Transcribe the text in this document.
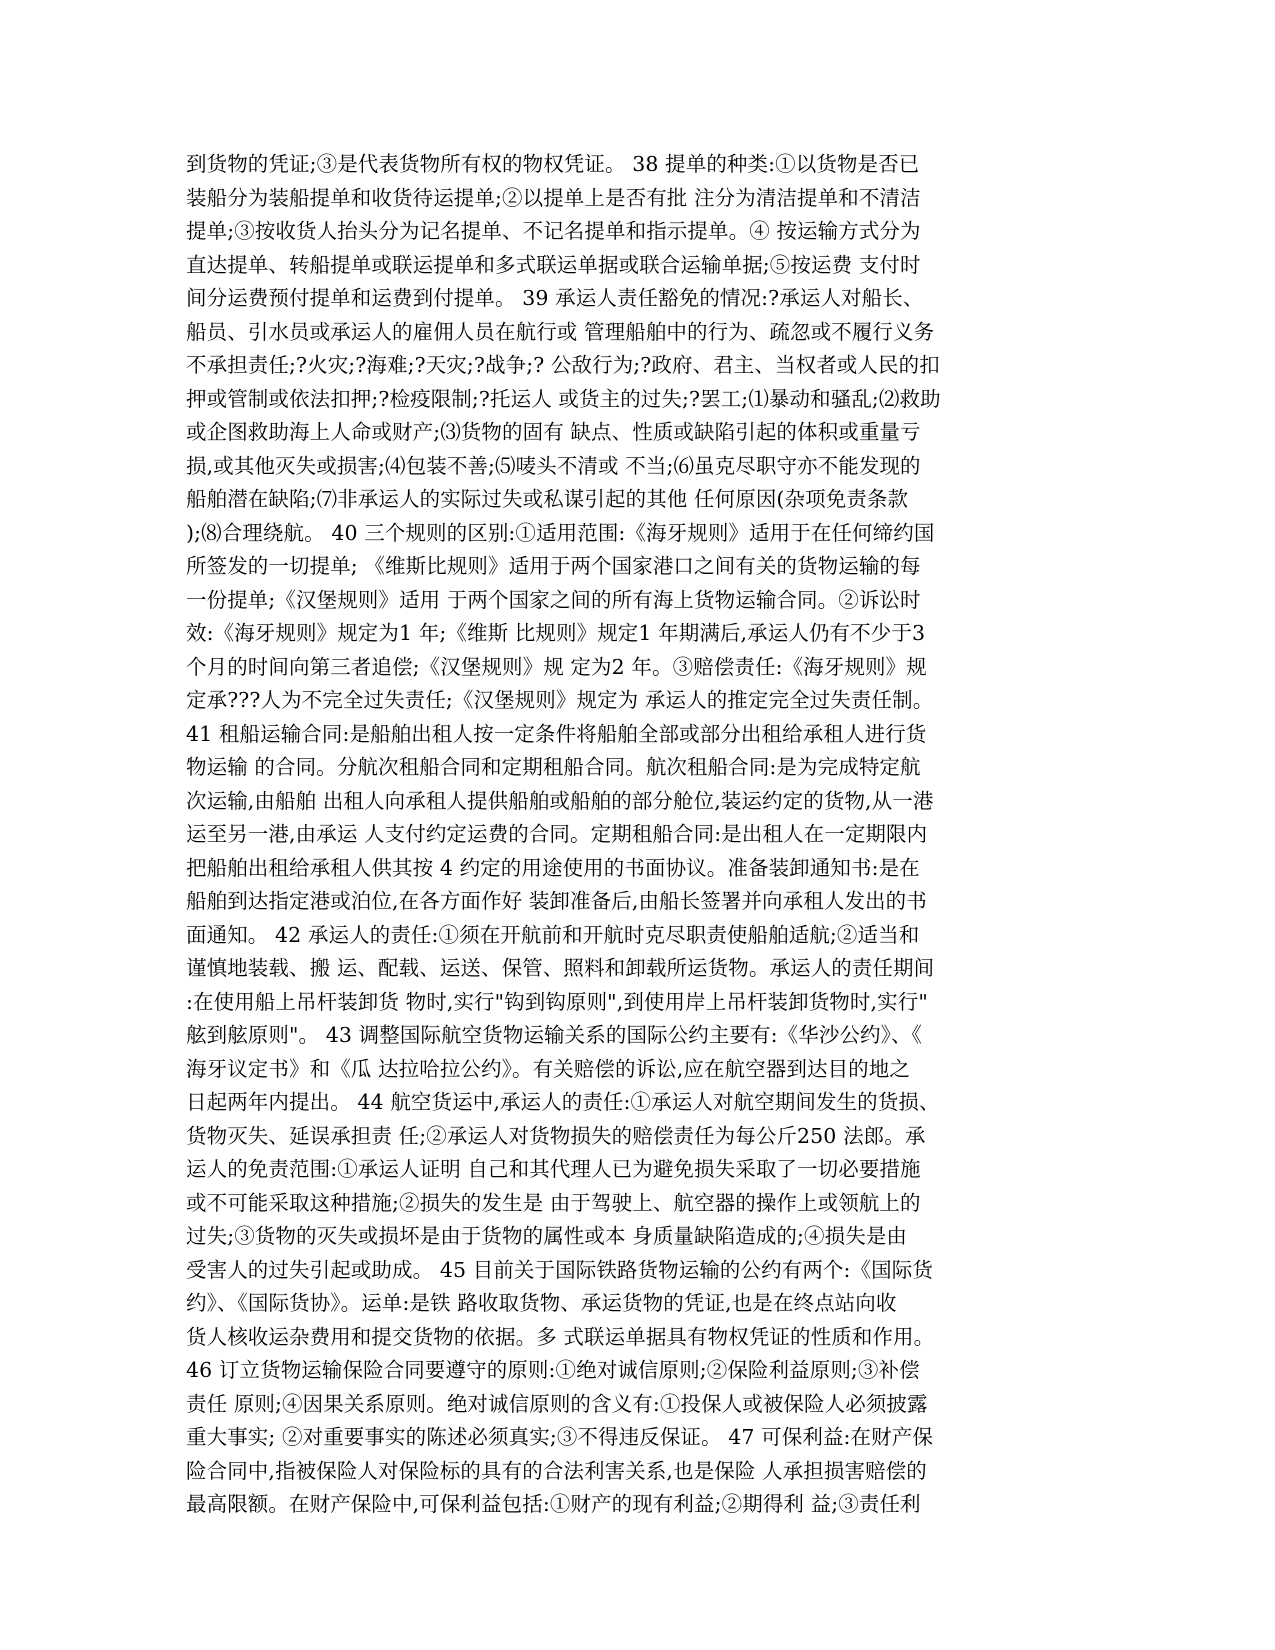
到货物的凭证;③是代表货物所有权的物权凭证。 38 提单的种类:①以货物是否已
装船分为装船提单和收货待运提单;②以提单上是否有批 注分为清洁提单和不清洁
提单;③按收货人抬头分为记名提单、不记名提单和指示提单。④ 按运输方式分为
直达提单、转船提单或联运提单和多式联运单据或联合运输单据;⑤按运费 支付时
间分运费预付提单和运费到付提单。 39 承运人责任豁免的情况:?承运人对船长、
船员、引水员或承运人的雇佣人员在航行或 管理船舶中的行为、疏忽或不履行义务
不承担责任;?火灾;?海难;?天灾;?战争;? 公敌行为;?政府、君主、当权者或人民的扣
押或管制或依法扣押;?检疫限制;?托运人 或货主的过失;?罢工;⑴暴动和骚乱;⑵救助
或企图救助海上人命或财产;⑶货物的固有 缺点、性质或缺陷引起的体积或重量亏
损,或其他灭失或损害;⑷包装不善;⑸唛头不清或 不当;⑹虽克尽职守亦不能发现的
船舶潜在缺陷;⑺非承运人的实际过失或私谋引起的其他 任何原因(杂项免责条款
);⑻合理绕航。 40 三个规则的区别:①适用范围:《海牙规则》适用于在任何缔约国
所签发的一切提单; 《维斯比规则》适用于两个国家港口之间有关的货物运输的每
一份提单;《汉堡规则》适用 于两个国家之间的所有海上货物运输合同。②诉讼时
效:《海牙规则》规定为1 年;《维斯 比规则》规定1 年期满后,承运人仍有不少于3
个月的时间向第三者追偿;《汉堡规则》规 定为2 年。③赔偿责任:《海牙规则》规
定承???人为不完全过失责任;《汉堡规则》规定为 承运人的推定完全过失责任制。
41 租船运输合同:是船舶出租人按一定条件将船舶全部或部分出租给承租人进行货
物运输 的合同。分航次租船合同和定期租船合同。航次租船合同:是为完成特定航
次运输,由船舶 出租人向承租人提供船舶或船舶的部分舱位,装运约定的货物,从一港
运至另一港,由承运 人支付约定运费的合同。定期租船合同:是出租人在一定期限内
把船舶出租给承租人供其按 4 约定的用途使用的书面协议。准备装卸通知书:是在
船舶到达指定港或泊位,在各方面作好 装卸准备后,由船长签署并向承租人发出的书
面通知。 42 承运人的责任:①须在开航前和开航时克尽职责使船舶适航;②适当和
谨慎地装载、搬 运、配载、运送、保管、照料和卸载所运货物。承运人的责任期间
:在使用船上吊杆装卸货 物时,实行"钩到钩原则",到使用岸上吊杆装卸货物时,实行"
舷到舷原则"。 43 调整国际航空货物运输关系的国际公约主要有:《华沙公约》、《
海牙议定书》和《瓜 达拉哈拉公约》。有关赔偿的诉讼,应在航空器到达目的地之
日起两年内提出。 44 航空货运中,承运人的责任:①承运人对航空期间发生的货损、
货物灭失、延误承担责 任;②承运人对货物损失的赔偿责任为每公斤250 法郎。承
运人的免责范围:①承运人证明 自己和其代理人已为避免损失采取了一切必要措施
或不可能采取这种措施;②损失的发生是 由于驾驶上、航空器的操作上或领航上的
过失;③货物的灭失或损坏是由于货物的属性或本 身质量缺陷造成的;④损失是由
受害人的过失引起或助成。 45 目前关于国际铁路货物运输的公约有两个:《国际货
约》、《国际货协》。运单:是铁 路收取货物、承运货物的凭证,也是在终点站向收
货人核收运杂费用和提交货物的依据。多 式联运单据具有物权凭证的性质和作用。
46 订立货物运输保险合同要遵守的原则:①绝对诚信原则;②保险利益原则;③补偿
责任 原则;④因果关系原则。绝对诚信原则的含义有:①投保人或被保险人必须披露
重大事实; ②对重要事实的陈述必须真实;③不得违反保证。 47 可保利益:在财产保
险合同中,指被保险人对保险标的具有的合法利害关系,也是保险 人承担损害赔偿的
最高限额。在财产保险中,可保利益包括:①财产的现有利益;②期得利 益;③责任利
